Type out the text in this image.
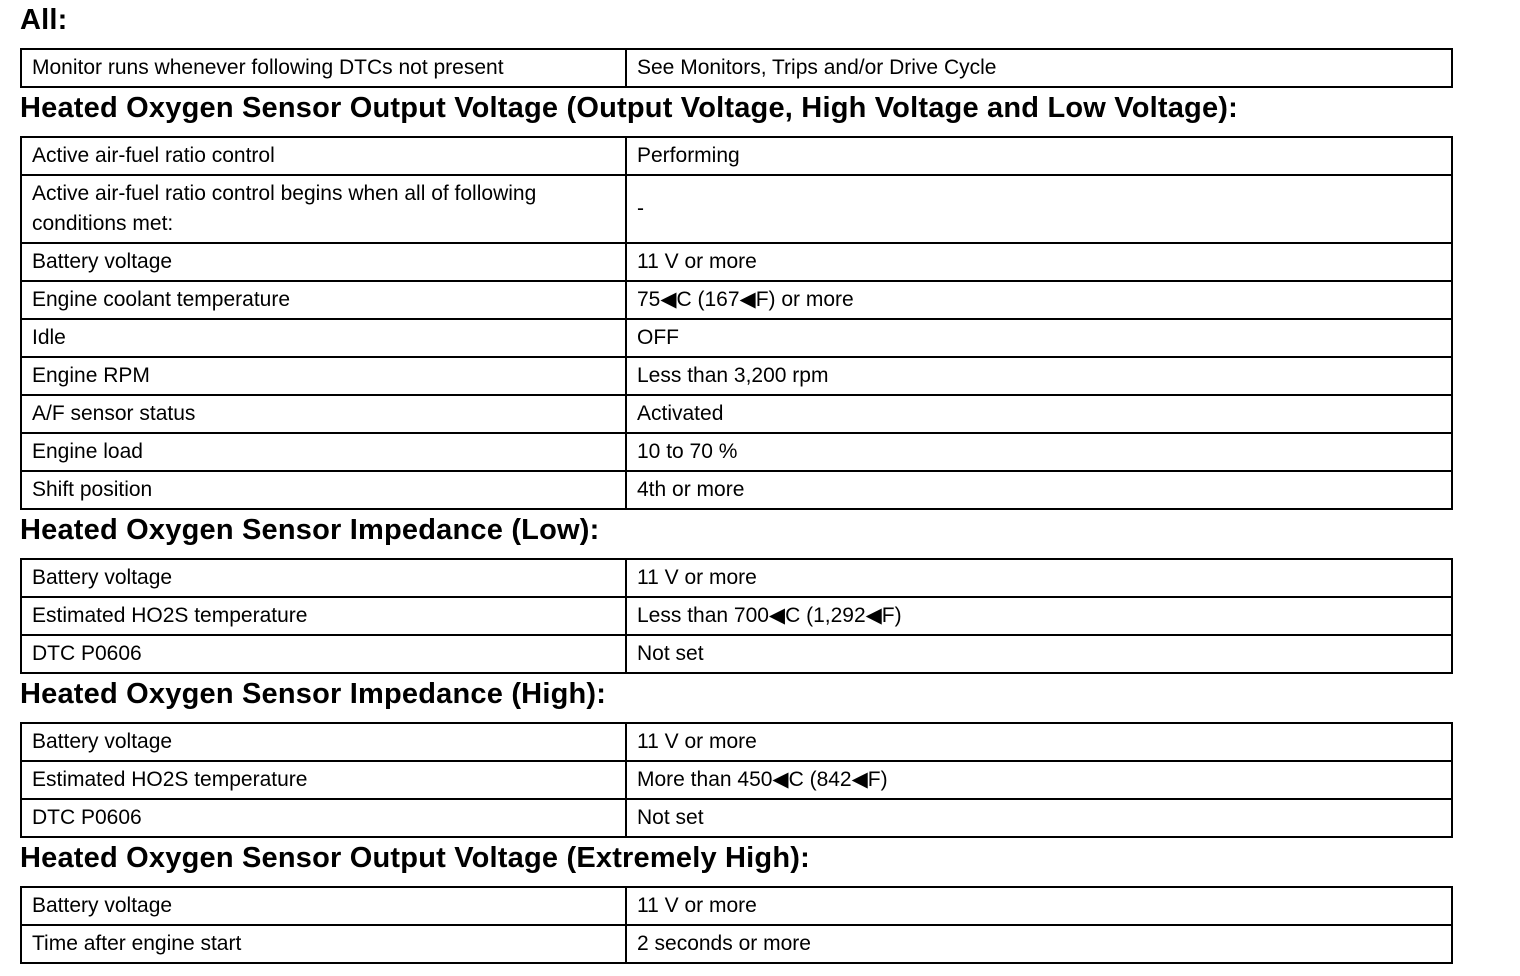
All:
Monitor runs whenever following DTCs not present	See Monitors, Trips and/or Drive Cycle
Heated Oxygen Sensor Output Voltage (Output Voltage, High Voltage and Low Voltage):
Active air-fuel ratio control	Performing
Active air-fuel ratio control begins when all of following conditions met:	-
Battery voltage	11 V or more
Engine coolant temperature	75◀C (167◀F) or more
Idle	OFF
Engine RPM	Less than 3,200 rpm
A/F sensor status	Activated
Engine load	10 to 70 %
Shift position	4th or more
Heated Oxygen Sensor Impedance (Low):
Battery voltage	11 V or more
Estimated HO2S temperature	Less than 700◀C (1,292◀F)
DTC P0606	Not set
Heated Oxygen Sensor Impedance (High):
Battery voltage	11 V or more
Estimated HO2S temperature	More than 450◀C (842◀F)
DTC P0606	Not set
Heated Oxygen Sensor Output Voltage (Extremely High):
Battery voltage	11 V or more
Time after engine start	2 seconds or more
